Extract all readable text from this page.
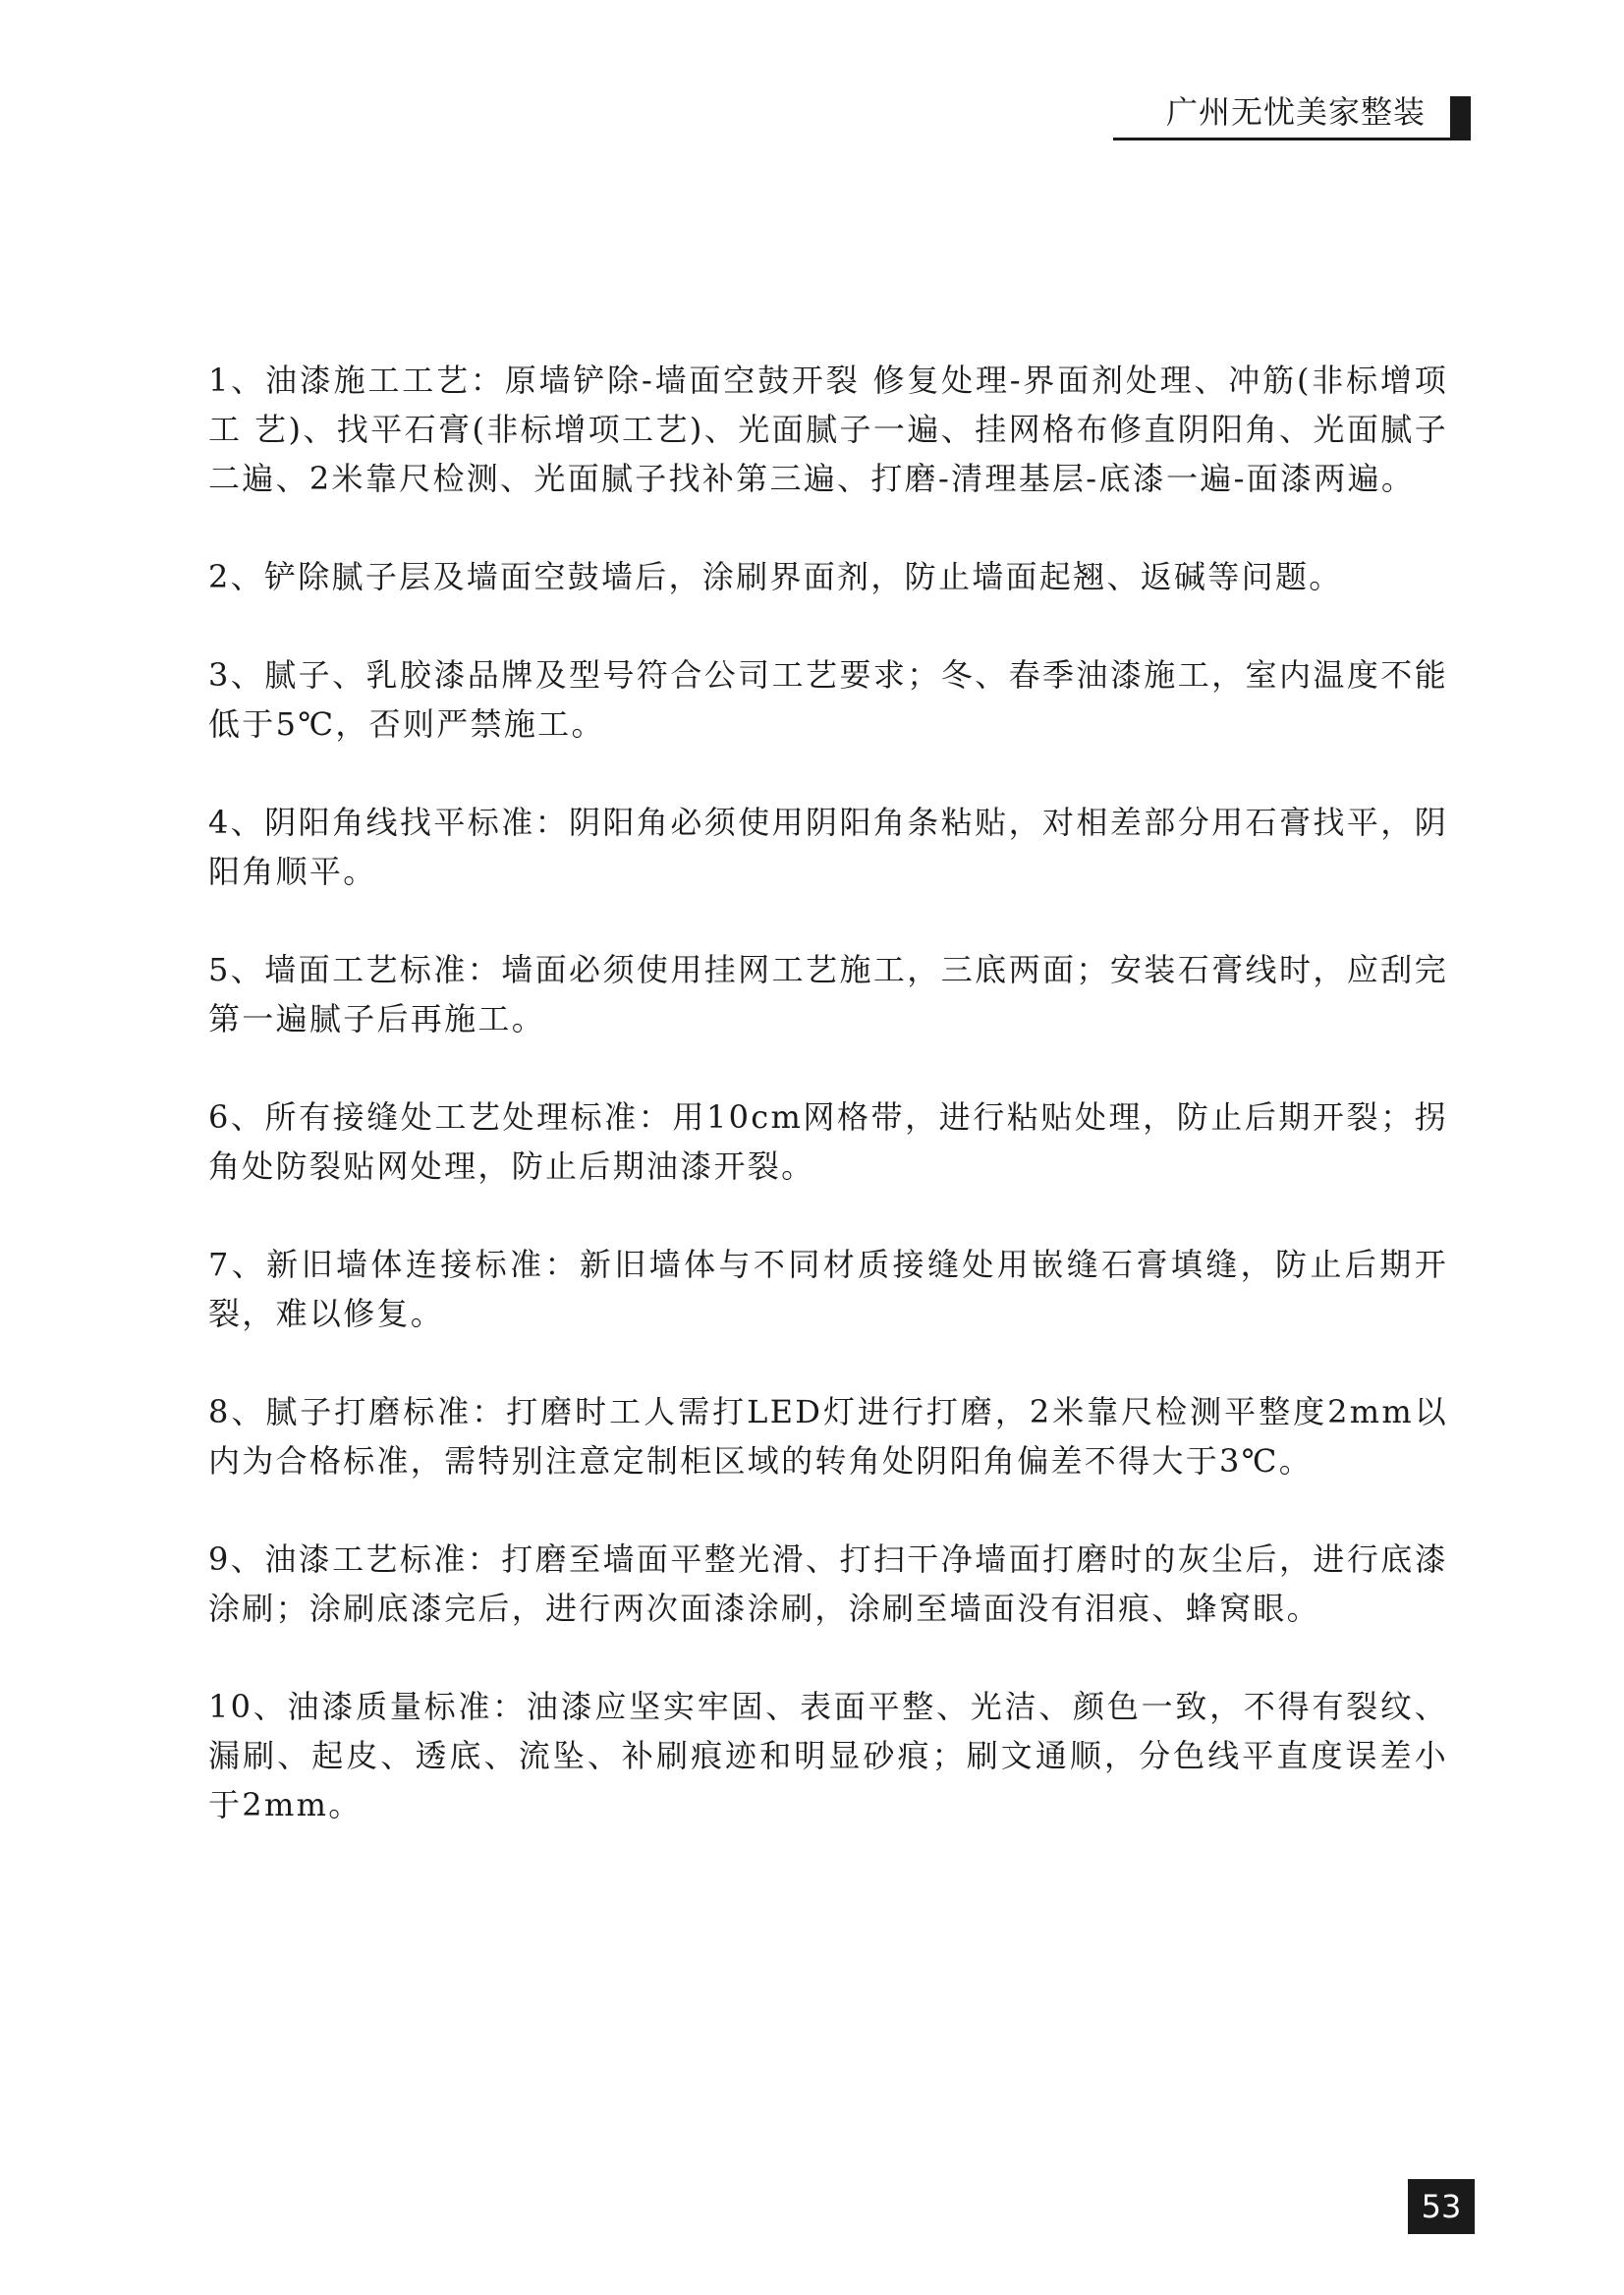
广州无忧美家整装

1、油漆施工工艺：原墙铲除-墙面空鼓开裂 修复处理-界面剂处理、冲筋(非标增项工 艺)、找平石膏(非标增项工艺)、光面腻子一遍、挂网格布修直阴阳角、光面腻子二遍、2米靠尺检测、光面腻子找补第三遍、打磨-清理基层-底漆一遍-面漆两遍。

2、铲除腻子层及墙面空鼓墙后，涂刷界面剂，防止墙面起翘、返碱等问题。

3、腻子、乳胶漆品牌及型号符合公司工艺要求；冬、春季油漆施工，室内温度不能低于5℃，否则严禁施工。

4、阴阳角线找平标准：阴阳角必须使用阴阳角条粘贴，对相差部分用石膏找平，阴阳角顺平。

5、墙面工艺标准：墙面必须使用挂网工艺施工，三底两面；安装石膏线时，应刮完第一遍腻子后再施工。

6、所有接缝处工艺处理标准：用10cm网格带，进行粘贴处理，防止后期开裂；拐角处防裂贴网处理，防止后期油漆开裂。

7、新旧墙体连接标准：新旧墙体与不同材质接缝处用嵌缝石膏填缝，防止后期开裂，难以修复。

8、腻子打磨标准：打磨时工人需打LED灯进行打磨，2米靠尺检测平整度2mm以内为合格标准，需特别注意定制柜区域的转角处阴阳角偏差不得大于3℃。

9、油漆工艺标准：打磨至墙面平整光滑、打扫干净墙面打磨时的灰尘后，进行底漆涂刷；涂刷底漆完后，进行两次面漆涂刷，涂刷至墙面没有泪痕、蜂窝眼。

10、油漆质量标准：油漆应坚实牢固、表面平整、光洁、颜色一致，不得有裂纹、漏刷、起皮、透底、流坠、补刷痕迹和明显砂痕；刷文通顺，分色线平直度误差小于2mm。

53
